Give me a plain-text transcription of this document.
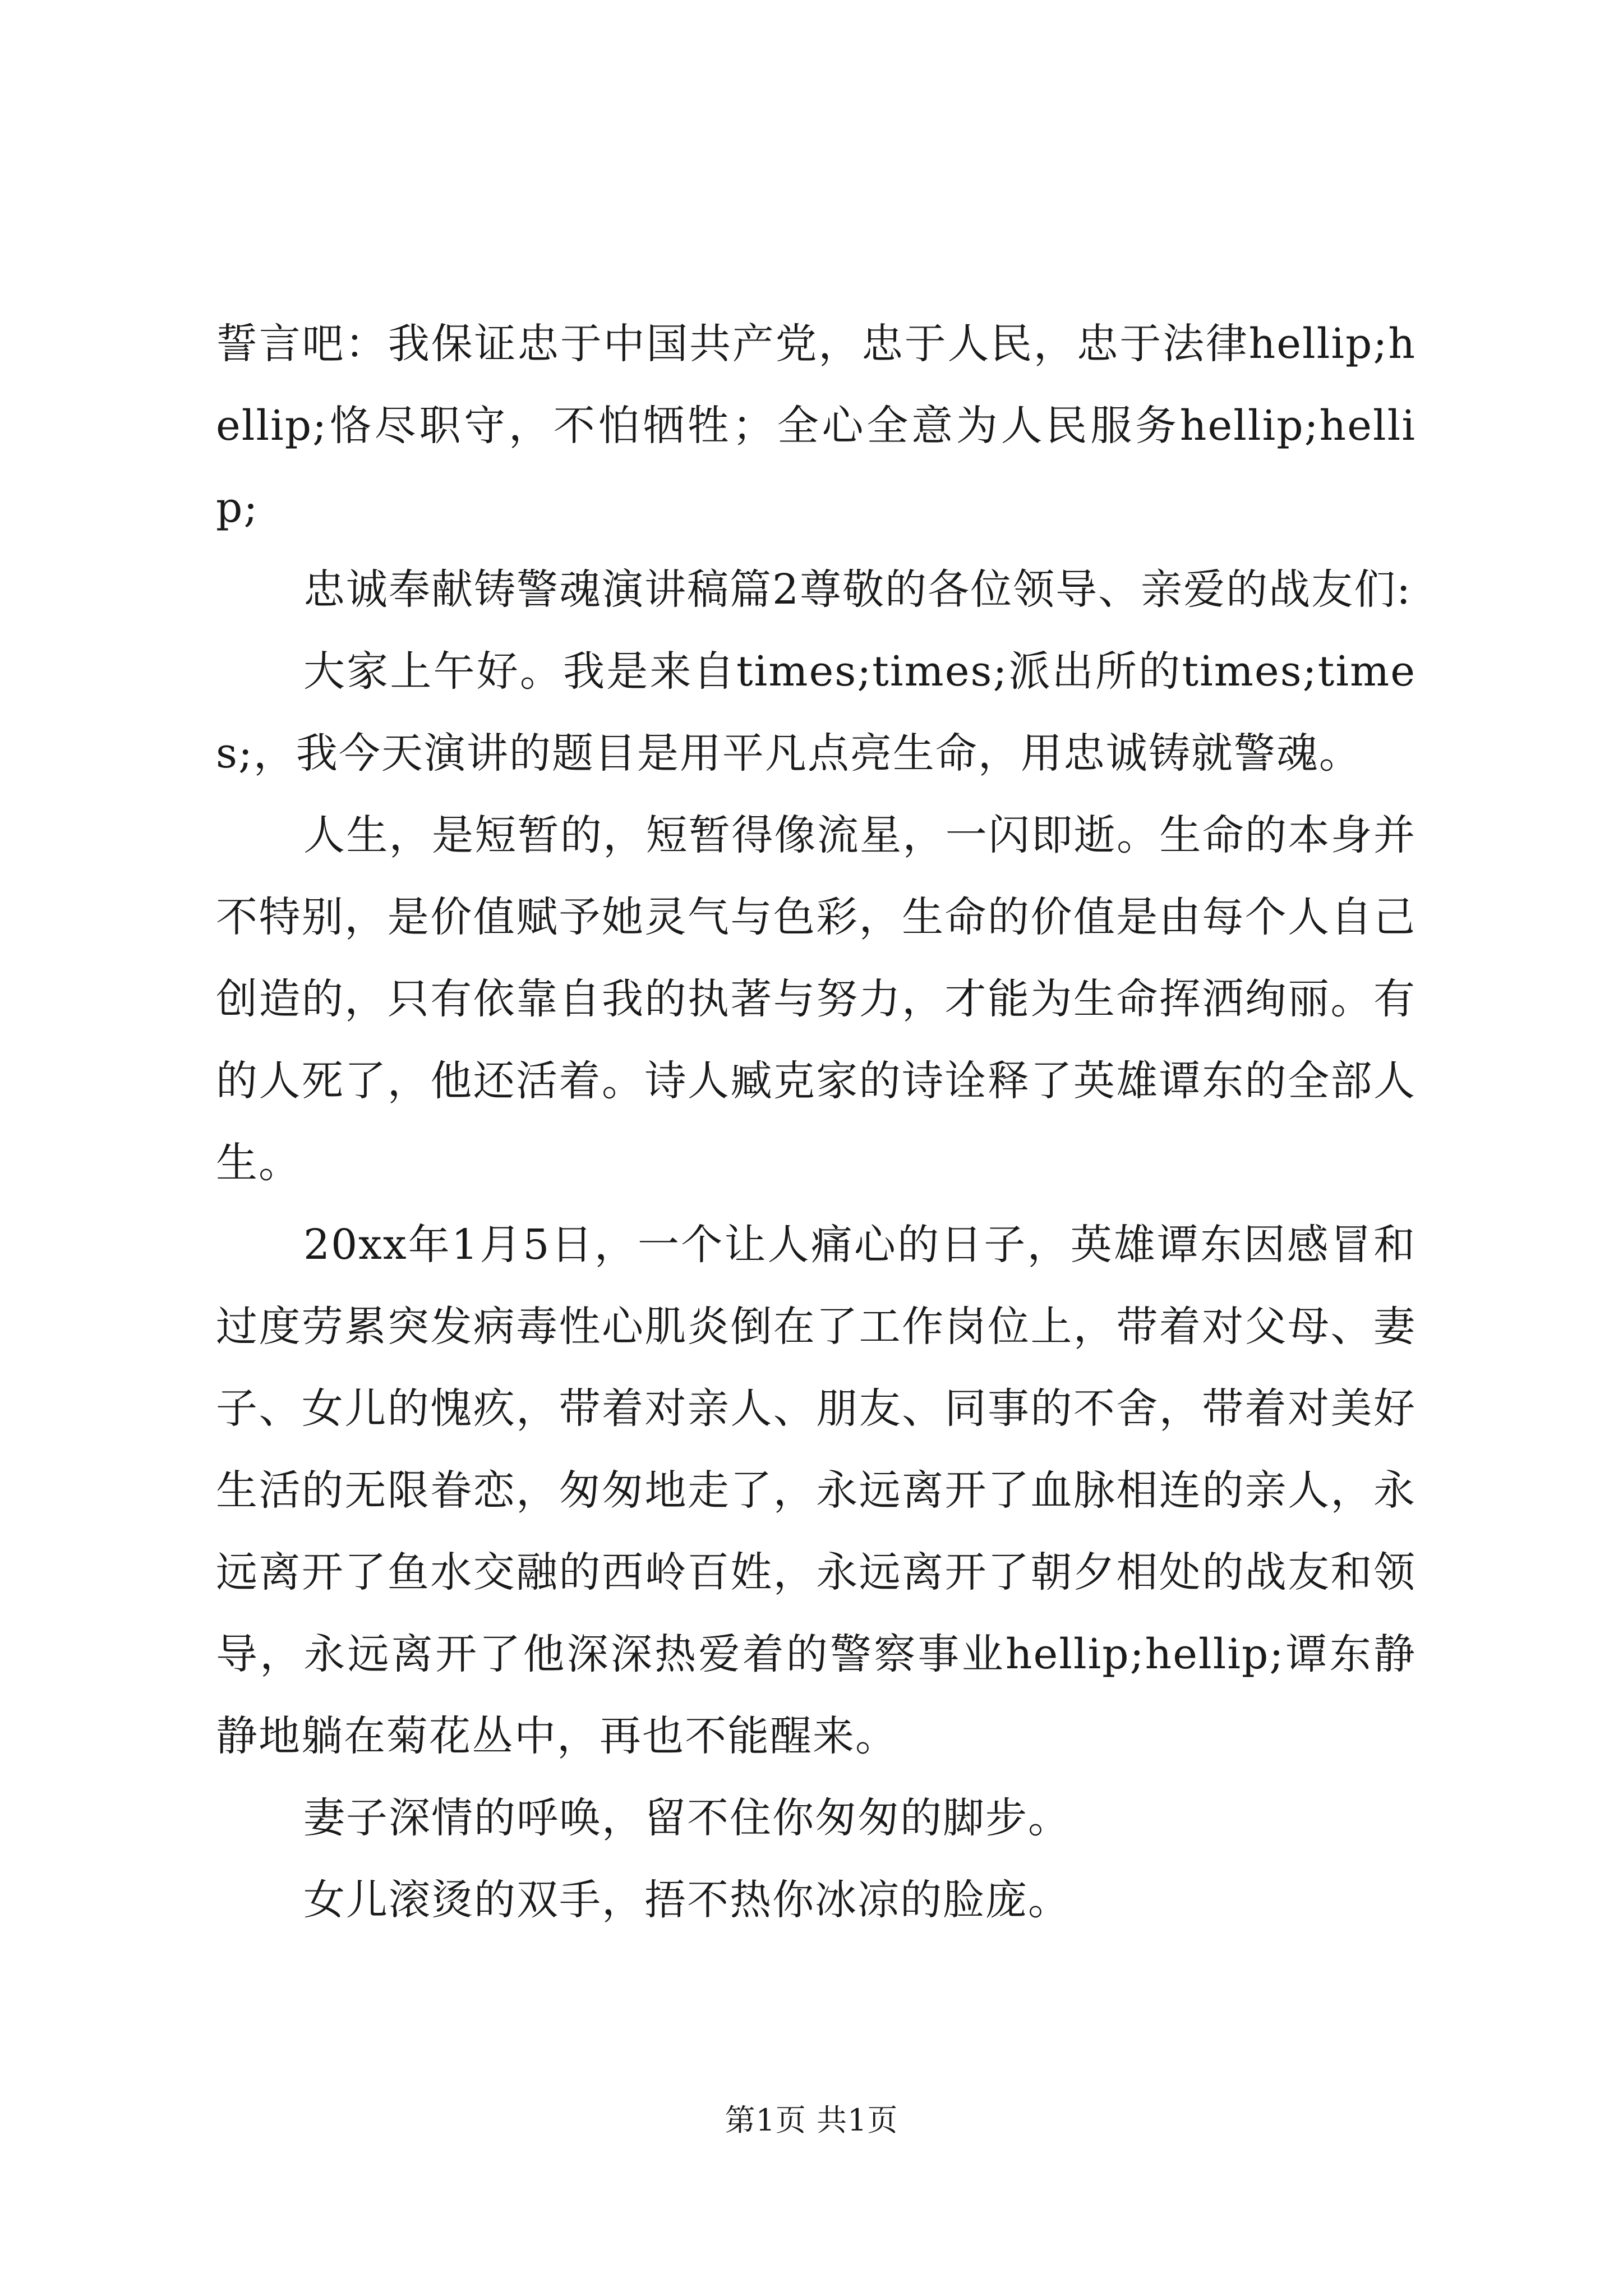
誓言吧：我保证忠于中国共产党，忠于人民，忠于法律hellip;hellip;恪尽职守，不怕牺牲；全心全意为人民服务hellip;hellip;

忠诚奉献铸警魂演讲稿篇2尊敬的各位领导、亲爱的战友们:

大家上午好。我是来自times;times;派出所的times;times;，我今天演讲的题目是用平凡点亮生命，用忠诚铸就警魂。

人生，是短暂的，短暂得像流星，一闪即逝。生命的本身并不特别，是价值赋予她灵气与色彩，生命的价值是由每个人自己创造的，只有依靠自我的执著与努力，才能为生命挥洒绚丽。有的人死了，他还活着。诗人臧克家的诗诠释了英雄谭东的全部人生。

20xx年1月5日，一个让人痛心的日子，英雄谭东因感冒和过度劳累突发病毒性心肌炎倒在了工作岗位上，带着对父母、妻子、女儿的愧疚，带着对亲人、朋友、同事的不舍，带着对美好生活的无限眷恋，匆匆地走了，永远离开了血脉相连的亲人，永远离开了鱼水交融的西岭百姓，永远离开了朝夕相处的战友和领导，永远离开了他深深热爱着的警察事业hellip;hellip;谭东静静地躺在菊花丛中，再也不能醒来。

妻子深情的呼唤，留不住你匆匆的脚步。

女儿滚烫的双手，捂不热你冰凉的脸庞。

第1页 共1页
